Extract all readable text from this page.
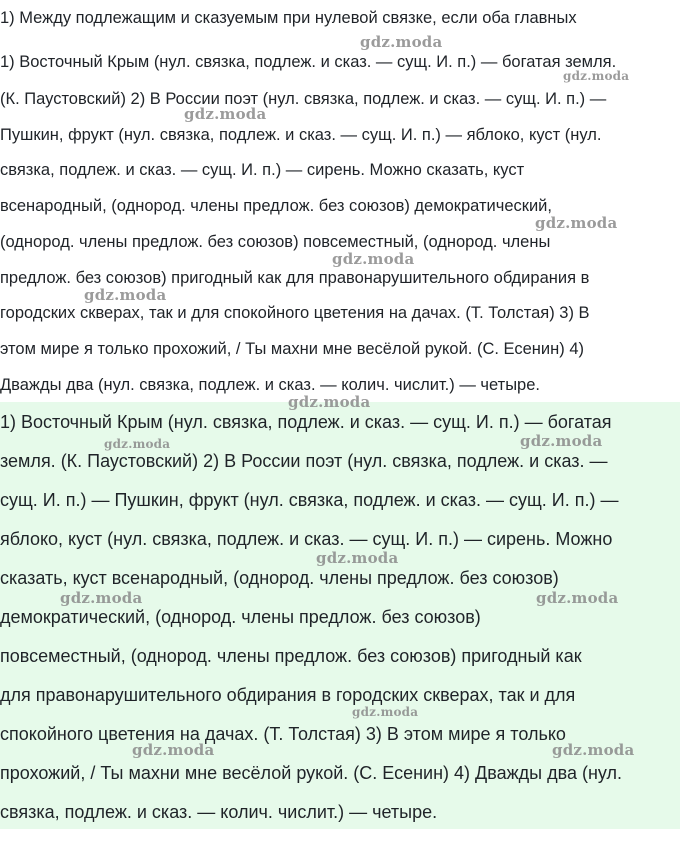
1) Между подлежащим и сказуемым при нулевой связке, если оба главных
1) Восточный Крым (нул. связка, подлеж. и сказ. — сущ. И. п.) — богатая земля.
(К. Паустовский) 2) В России поэт (нул. связка, подлеж. и сказ. — сущ. И. п.) —
Пушкин, фрукт (нул. связка, подлеж. и сказ. — сущ. И. п.) — яблоко, куст (нул.
связка, подлеж. и сказ. — сущ. И. п.) — сирень. Можно сказать, куст
всенародный, (однород. члены предлож. без союзов) демократический,
(однород. члены предлож. без союзов) повсеместный, (однород. члены
предлож. без союзов) пригодный как для правонарушительного обдирания в
городских скверах, так и для спокойного цветения на дачах. (Т. Толстая) 3) В
этом мире я только прохожий, / Ты махни мне весёлой рукой. (С. Есенин) 4)
Дважды два (нул. связка, подлеж. и сказ. — колич. числит.) — четыре.
1) Восточный Крым (нул. связка, подлеж. и сказ. — сущ. И. п.) — богатая
земля. (К. Паустовский) 2) В России поэт (нул. связка, подлеж. и сказ. —
сущ. И. п.) — Пушкин, фрукт (нул. связка, подлеж. и сказ. — сущ. И. п.) —
яблоко, куст (нул. связка, подлеж. и сказ. — сущ. И. п.) — сирень. Можно
сказать, куст всенародный, (однород. члены предлож. без союзов)
демократический, (однород. члены предлож. без союзов)
повсеместный, (однород. члены предлож. без союзов) пригодный как
для правонарушительного обдирания в городских скверах, так и для
спокойного цветения на дачах. (Т. Толстая) 3) В этом мире я только
прохожий, / Ты махни мне весёлой рукой. (С. Есенин) 4) Дважды два (нул.
связка, подлеж. и сказ. — колич. числит.) — четыре.
gdz.moda
gdz.moda
gdz.moda
gdz.moda
gdz.moda
gdz.moda
gdz.moda
gdz.moda	gdz.moda
gdz.moda
gdz.moda	gdz.moda
gdz.moda
gdz.moda	gdz.moda
